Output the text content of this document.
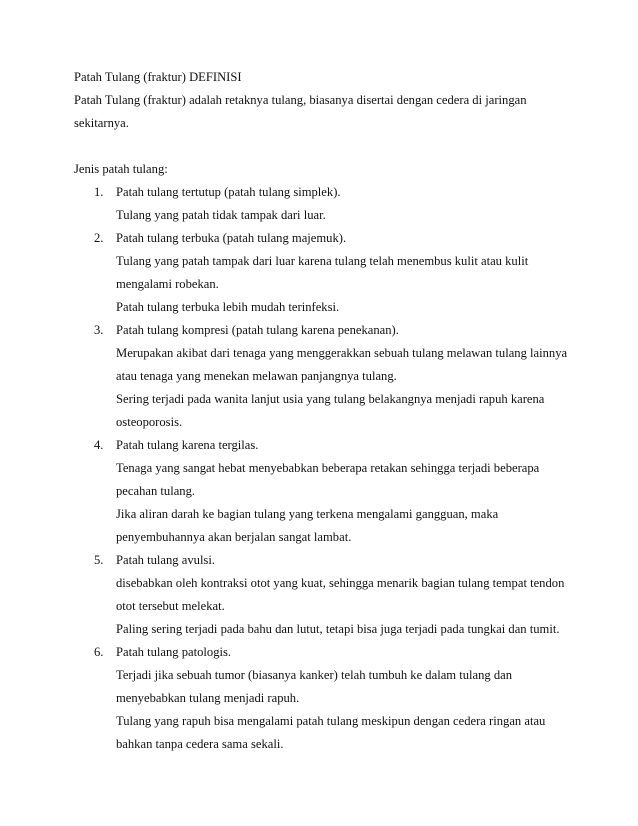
Patah Tulang (fraktur) DEFINISI
Patah Tulang (fraktur) adalah retaknya tulang, biasanya disertai dengan cedera di jaringan
sekitarnya.
Jenis patah tulang:
1. Patah tulang tertutup (patah tulang simplek).
Tulang yang patah tidak tampak dari luar.
2. Patah tulang terbuka (patah tulang majemuk).
Tulang yang patah tampak dari luar karena tulang telah menembus kulit atau kulit
mengalami robekan.
Patah tulang terbuka lebih mudah terinfeksi.
3. Patah tulang kompresi (patah tulang karena penekanan).
Merupakan akibat dari tenaga yang menggerakkan sebuah tulang melawan tulang lainnya
atau tenaga yang menekan melawan panjangnya tulang.
Sering terjadi pada wanita lanjut usia yang tulang belakangnya menjadi rapuh karena
osteoporosis.
4. Patah tulang karena tergilas.
Tenaga yang sangat hebat menyebabkan beberapa retakan sehingga terjadi beberapa
pecahan tulang.
Jika aliran darah ke bagian tulang yang terkena mengalami gangguan, maka
penyembuhannya akan berjalan sangat lambat.
5. Patah tulang avulsi.
disebabkan oleh kontraksi otot yang kuat, sehingga menarik bagian tulang tempat tendon
otot tersebut melekat.
Paling sering terjadi pada bahu dan lutut, tetapi bisa juga terjadi pada tungkai dan tumit.
6. Patah tulang patologis.
Terjadi jika sebuah tumor (biasanya kanker) telah tumbuh ke dalam tulang dan
menyebabkan tulang menjadi rapuh.
Tulang yang rapuh bisa mengalami patah tulang meskipun dengan cedera ringan atau
bahkan tanpa cedera sama sekali.
